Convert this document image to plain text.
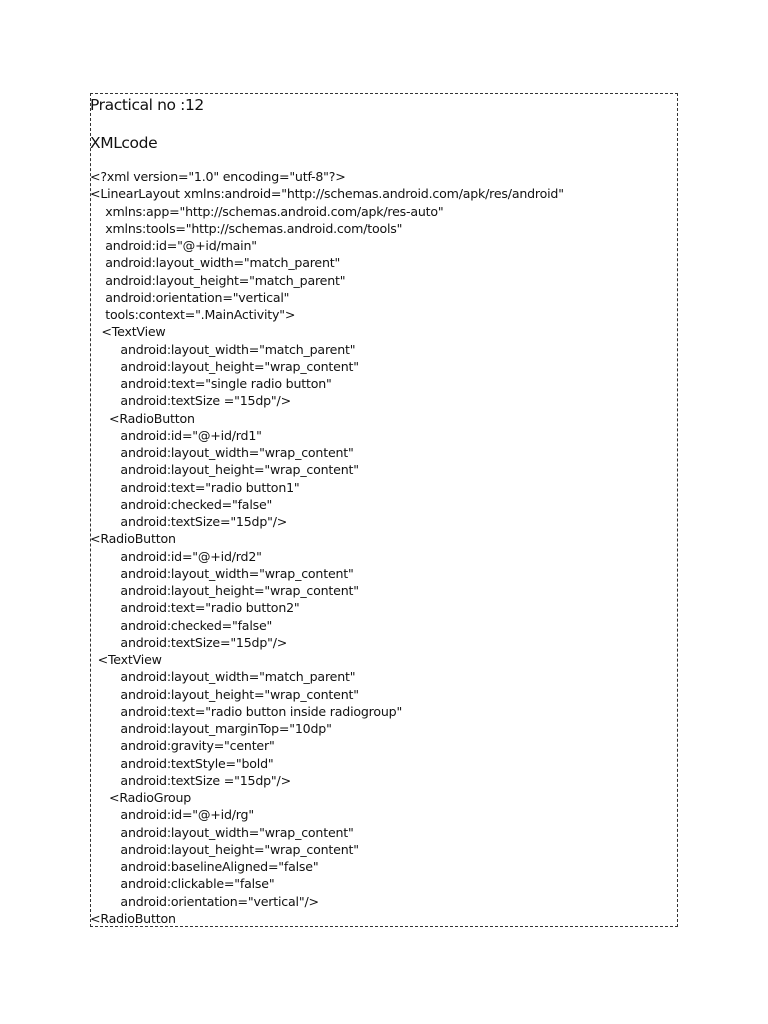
Practical no :12
XMLcode
<?xml version="1.0" encoding="utf-8"?>
<LinearLayout xmlns:android="http://schemas.android.com/apk/res/android"
xmlns:app="http://schemas.android.com/apk/res-auto"
xmlns:tools="http://schemas.android.com/tools"
android:id="@+id/main"
android:layout_width="match_parent"
android:layout_height="match_parent"
android:orientation="vertical"
tools:context=".MainActivity">
<TextView
android:layout_width="match_parent"
android:layout_height="wrap_content"
android:text="single radio button"
android:textSize ="15dp"/>
<RadioButton
android:id="@+id/rd1"
android:layout_width="wrap_content"
android:layout_height="wrap_content"
android:text="radio button1"
android:checked="false"
android:textSize="15dp"/>
<RadioButton
android:id="@+id/rd2"
android:layout_width="wrap_content"
android:layout_height="wrap_content"
android:text="radio button2"
android:checked="false"
android:textSize="15dp"/>
<TextView
android:layout_width="match_parent"
android:layout_height="wrap_content"
android:text="radio button inside radiogroup"
android:layout_marginTop="10dp"
android:gravity="center"
android:textStyle="bold"
android:textSize ="15dp"/>
<RadioGroup
android:id="@+id/rg"
android:layout_width="wrap_content"
android:layout_height="wrap_content"
android:baselineAligned="false"
android:clickable="false"
android:orientation="vertical"/>
<RadioButton
